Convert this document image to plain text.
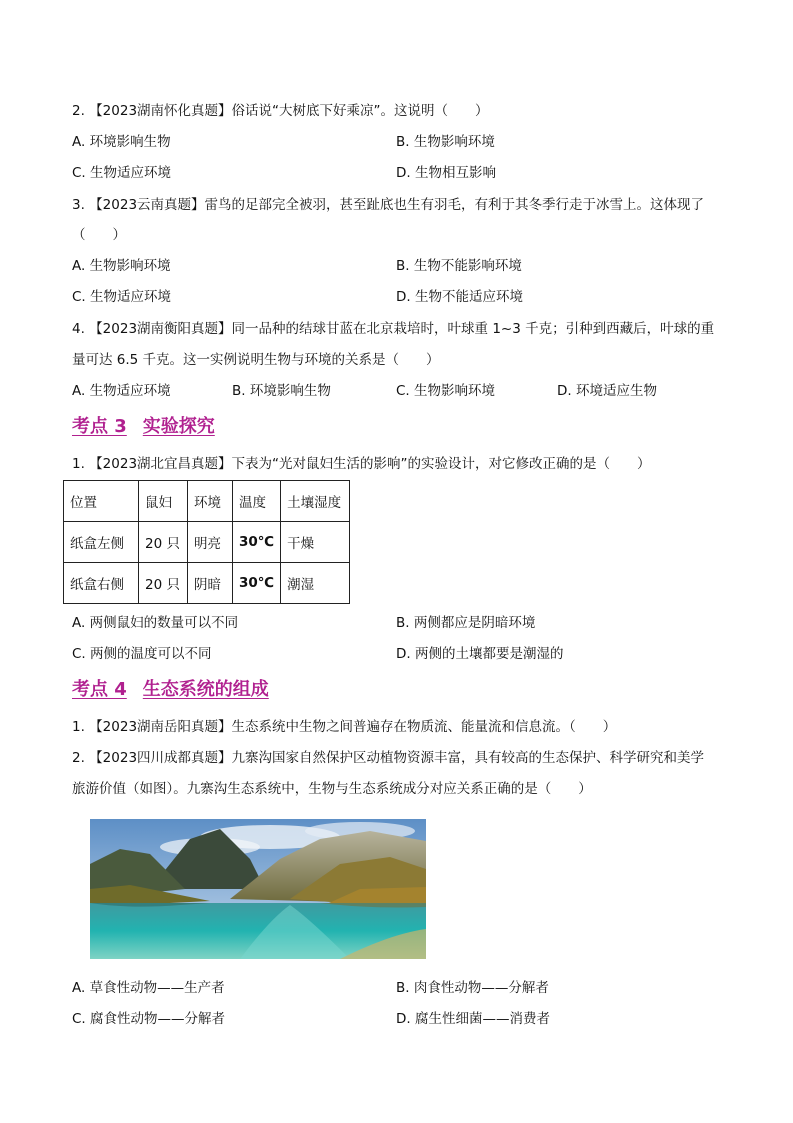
2. 【2023湖南怀化真题】俗话说“大树底下好乘凉”。这说明（　　）
A. 环境影响生物	B. 生物影响环境
C. 生物适应环境	D. 生物相互影响
3. 【2023云南真题】雷鸟的足部完全被羽，甚至趾底也生有羽毛，有利于其冬季行走于冰雪上。这体现了
（　　）
A. 生物影响环境	B. 生物不能影响环境
C. 生物适应环境	D. 生物不能适应环境
4. 【2023湖南衡阳真题】同一品种的结球甘蓝在北京栽培时，叶球重 1~3 千克；引种到西藏后，叶球的重
量可达 6.5 千克。这一实例说明生物与环境的关系是（　　）
A. 生物适应环境	B. 环境影响生物	C. 生物影响环境	D. 环境适应生物
考点 3 实验探究
1. 【2023湖北宜昌真题】下表为“光对鼠妇生活的影响”的实验设计，对它修改正确的是（　　）
位置	鼠妇	环境	温度	土壤湿度
纸盒左侧	20 只	明亮	30℃	干燥
纸盒右侧	20 只	阴暗	30℃	潮湿
A. 两侧鼠妇的数量可以不同	B. 两侧都应是阴暗环境
C. 两侧的温度可以不同	D. 两侧的土壤都要是潮湿的
考点 4 生态系统的组成
1. 【2023湖南岳阳真题】生态系统中生物之间普遍存在物质流、能量流和信息流。（　　）
2. 【2023四川成都真题】九寨沟国家自然保护区动植物资源丰富，具有较高的生态保护、科学研究和美学
旅游价值（如图）。九寨沟生态系统中，生物与生态系统成分对应关系正确的是（　　）
A. 草食性动物——生产者	B. 肉食性动物——分解者
C. 腐食性动物——分解者	D. 腐生性细菌——消费者
